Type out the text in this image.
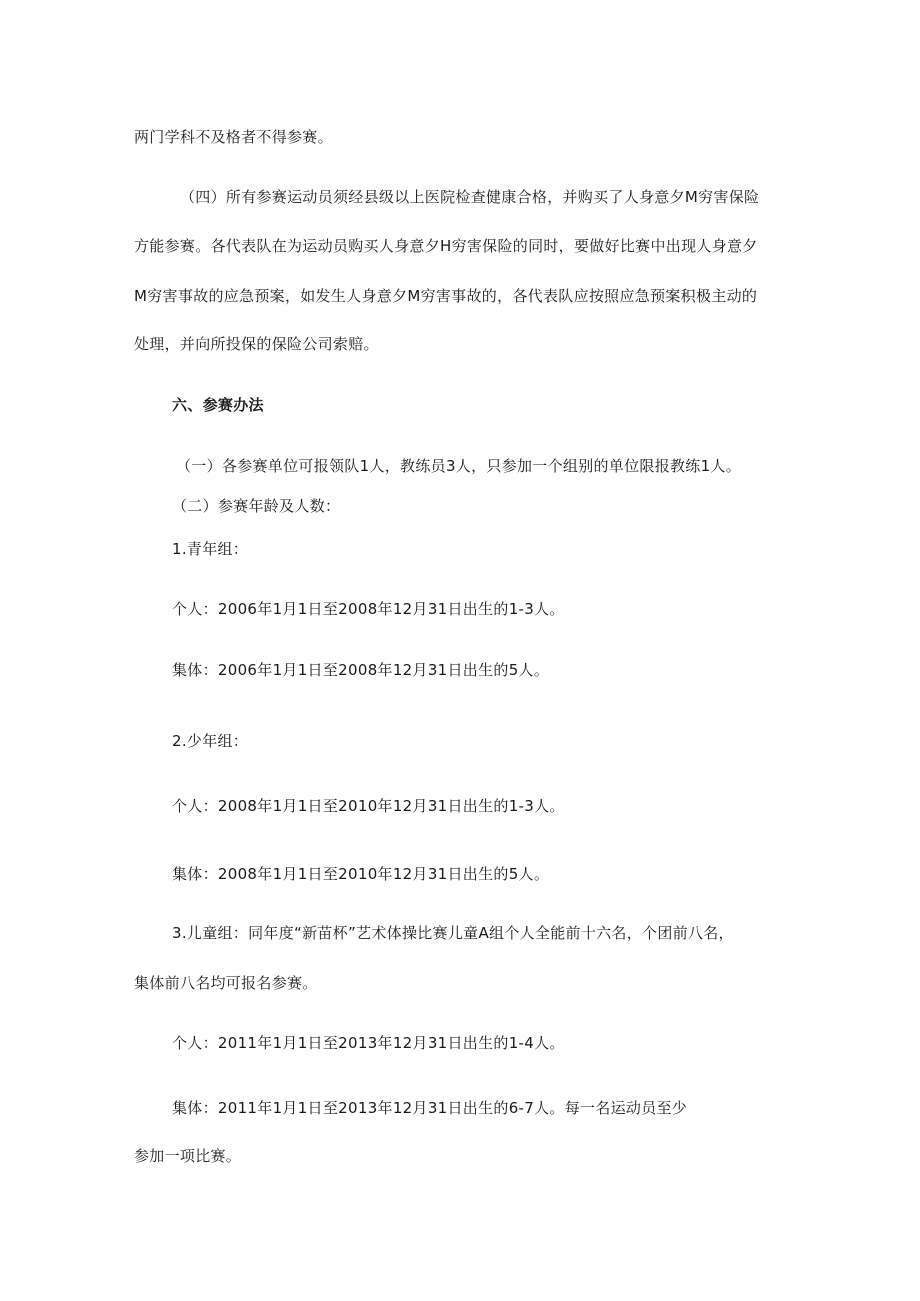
两门学科不及格者不得参赛。
（四）所有参赛运动员须经县级以上医院检查健康合格，并购买了人身意夕M穷害保险
方能参赛。各代表队在为运动员购买人身意夕H穷害保险的同时，要做好比赛中出现人身意夕
M穷害事故的应急预案，如发生人身意夕M穷害事故的，各代表队应按照应急预案积极主动的
处理，并向所投保的保险公司索赔。
六、参赛办法
（一）各参赛单位可报领队1人，教练员3人，只参加一个组别的单位限报教练1人。
（二）参赛年龄及人数：
1.青年组：
个人：2006年1月1日至2008年12月31日出生的1-3人。
集体：2006年1月1日至2008年12月31日出生的5人。
2.少年组：
个人：2008年1月1日至2010年12月31日出生的1-3人。
集体：2008年1月1日至2010年12月31日出生的5人。
3.儿童组：同年度“新苗杯”艺术体操比赛儿童A组个人全能前十六名，个团前八名，
集体前八名均可报名参赛。
个人：2011年1月1日至2013年12月31日出生的1-4人。
集体：2011年1月1日至2013年12月31日出生的6-7人。每一名运动员至少
参加一项比赛。
